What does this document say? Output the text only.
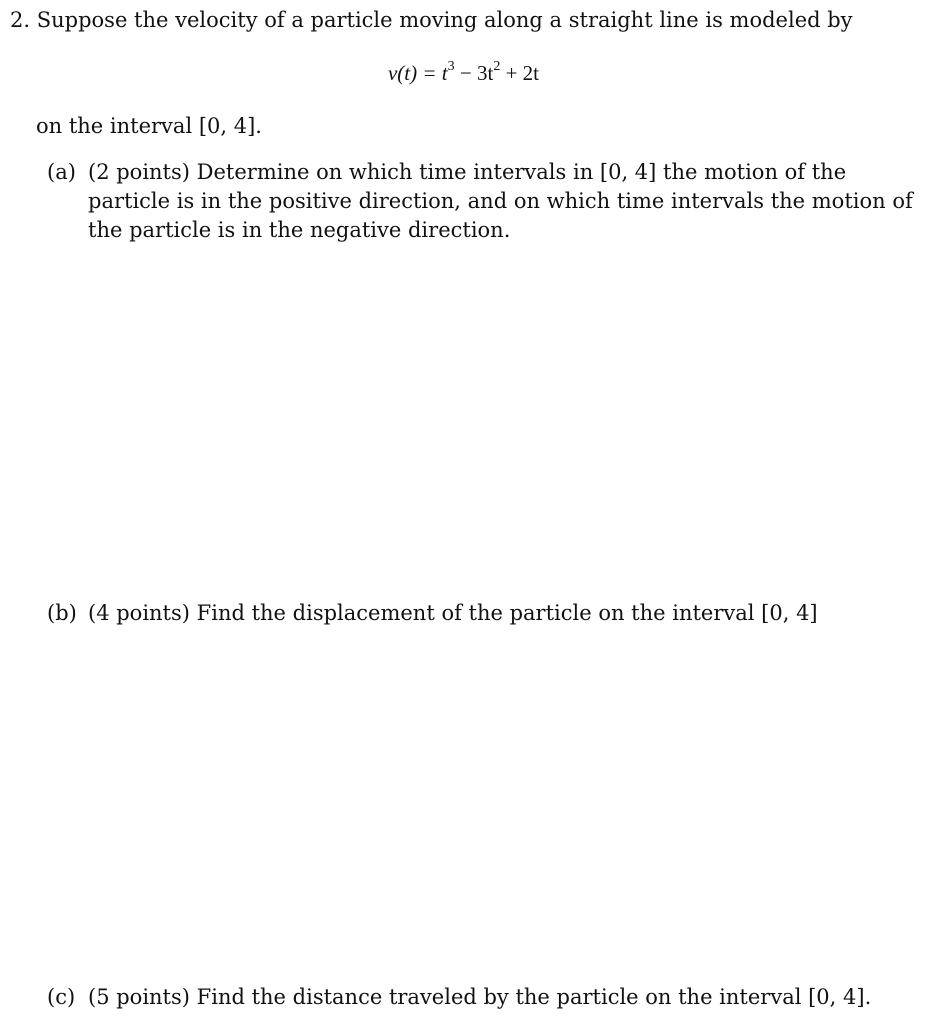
2. Suppose the velocity of a particle moving along a straight line is modeled by
$v(t) = t^3 - 3t^2 + 2t$
on the interval [0, 4].
(a) (2 points) Determine on which time intervals in [0, 4] the motion of the particle is in the positive direction, and on which time intervals the motion of the particle is in the negative direction.
(b) (4 points) Find the displacement of the particle on the interval [0, 4]
(c) (5 points) Find the distance traveled by the particle on the interval [0, 4].
